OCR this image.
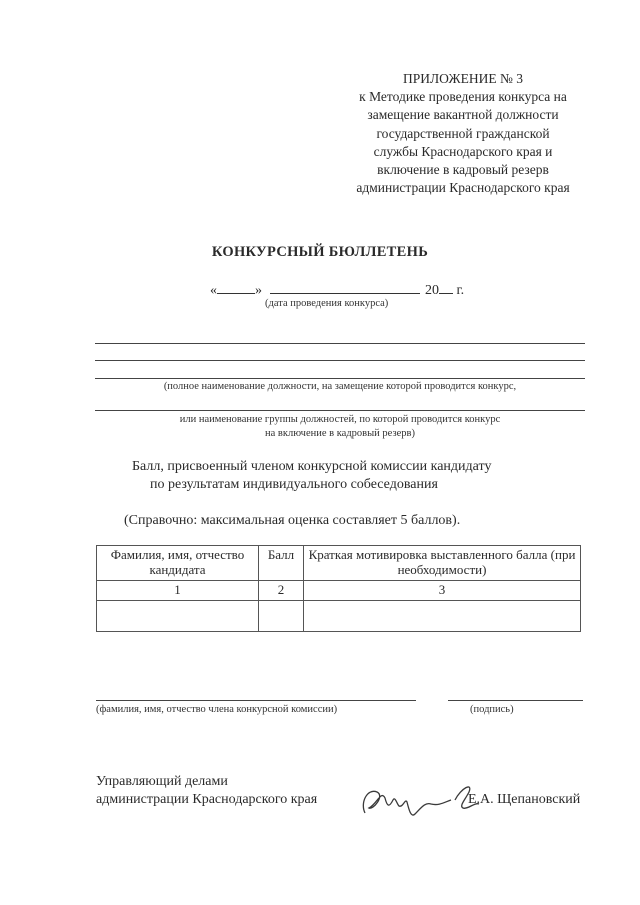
ПРИЛОЖЕНИЕ № 3
к Методике проведения конкурса на
замещение вакантной должности
государственной гражданской
службы Краснодарского края и
включение в кадровый резерв
администрации Краснодарского края
КОНКУРСНЫЙ БЮЛЛЕТЕНЬ
«	»	20 г.
(дата проведения конкурса)
(полное наименование должности, на замещение которой проводится конкурс,
или наименование группы должностей, по которой проводится конкурс
на включение в кадровый резерв)
Балл, присвоенный членом конкурсной комиссии кандидату
по результатам индивидуального собеседования
(Справочно: максимальная оценка составляет 5 баллов).
Фамилия, имя, отчество кандидата	Балл	Краткая мотивировка выставленного балла (при необходимости)
1	2	3

(фамилия, имя, отчество члена конкурсной комиссии)	(подпись)
Управляющий делами
администрации Краснодарского края	Е.А. Щепановский
